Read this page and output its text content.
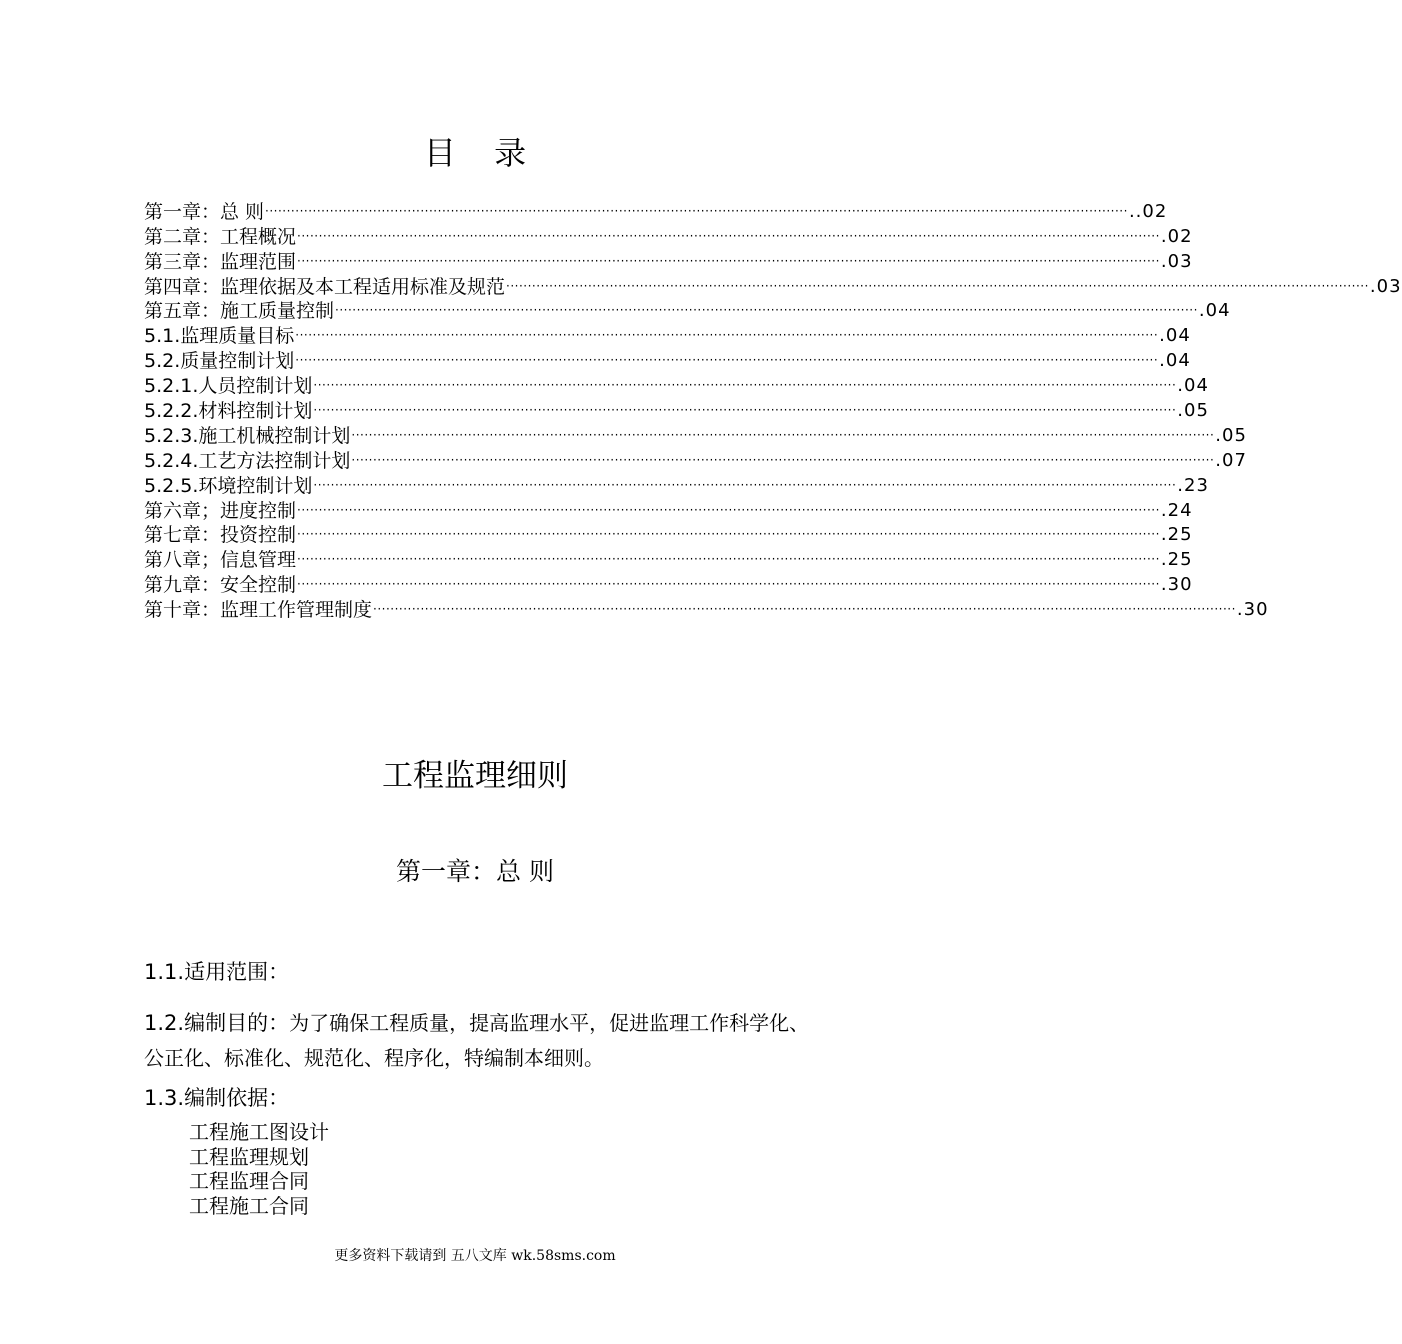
目 录
第一章：总 则 ········································································································································································································ ..02
第二章：工程概况 ········································································································································································································ .02
第三章：监理范围 ········································································································································································································ .03
第四章：监理依据及本工程适用标准及规范 ········································································································································································································ .03
第五章：施工质量控制 ········································································································································································································ .04
5.1.监理质量目标 ········································································································································································································ .04
5.2.质量控制计划 ········································································································································································································ .04
5.2.1.人员控制计划 ········································································································································································································ .04
5.2.2.材料控制计划 ········································································································································································································ .05
5.2.3.施工机械控制计划 ········································································································································································································ .05
5.2.4.工艺方法控制计划 ········································································································································································································ .07
5.2.5.环境控制计划 ········································································································································································································ .23
第六章；进度控制 ········································································································································································································ .24
第七章：投资控制 ········································································································································································································ .25
第八章；信息管理 ········································································································································································································ .25
第九章：安全控制 ········································································································································································································ .30
第十章：监理工作管理制度 ········································································································································································································ .30
工程监理细则
第一章：总 则
1.1.适用范围：
1.2.编制目的：为了确保工程质量，提高监理水平，促进监理工作科学化、公正化、标准化、规范化、程序化，特编制本细则。
1.3.编制依据：
工程施工图设计
工程监理规划
工程监理合同
工程施工合同
更多资料下载请到 五八文库 wk.58sms.com
